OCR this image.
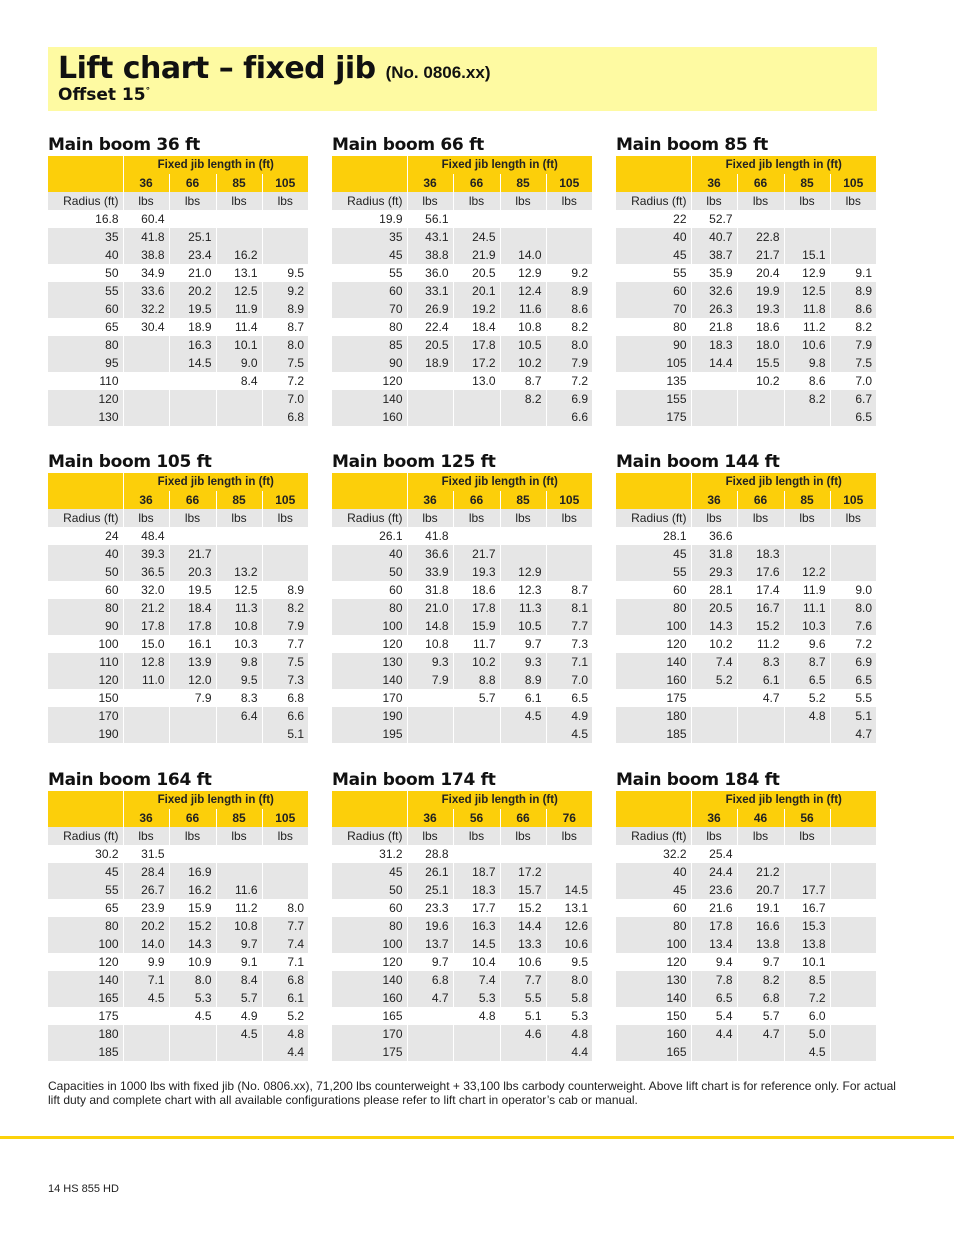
Lift chart – fixed jib (No. 0806.xx)
Offset 15°
Main boom 36 ft
	Fixed jib length in (ft)			
	36	66	85	105
Radius (ft)	lbs	lbs	lbs	lbs
16.8	60.4			
35	41.8	25.1		
40	38.8	23.4	16.2	
50	34.9	21.0	13.1	9.5
55	33.6	20.2	12.5	9.2
60	32.2	19.5	11.9	8.9
65	30.4	18.9	11.4	8.7
80		16.3	10.1	8.0
95		14.5	9.0	7.5
110			8.4	7.2
120				7.0
130				6.8
Main boom 66 ft
	Fixed jib length in (ft)			
	36	66	85	105
Radius (ft)	lbs	lbs	lbs	lbs
19.9	56.1			
35	43.1	24.5		
45	38.8	21.9	14.0	
55	36.0	20.5	12.9	9.2
60	33.1	20.1	12.4	8.9
70	26.9	19.2	11.6	8.6
80	22.4	18.4	10.8	8.2
85	20.5	17.8	10.5	8.0
90	18.9	17.2	10.2	7.9
120		13.0	8.7	7.2
140			8.2	6.9
160				6.6
Main boom 85 ft
	Fixed jib length in (ft)			
	36	66	85	105
Radius (ft)	lbs	lbs	lbs	lbs
22	52.7			
40	40.7	22.8		
45	38.7	21.7	15.1	
55	35.9	20.4	12.9	9.1
60	32.6	19.9	12.5	8.9
70	26.3	19.3	11.8	8.6
80	21.8	18.6	11.2	8.2
90	18.3	18.0	10.6	7.9
105	14.4	15.5	9.8	7.5
135		10.2	8.6	7.0
155			8.2	6.7
175				6.5
Main boom 105 ft
	Fixed jib length in (ft)			
	36	66	85	105
Radius (ft)	lbs	lbs	lbs	lbs
24	48.4			
40	39.3	21.7		
50	36.5	20.3	13.2	
60	32.0	19.5	12.5	8.9
80	21.2	18.4	11.3	8.2
90	17.8	17.8	10.8	7.9
100	15.0	16.1	10.3	7.7
110	12.8	13.9	9.8	7.5
120	11.0	12.0	9.5	7.3
150		7.9	8.3	6.8
170			6.4	6.6
190				5.1
Main boom 125 ft
	Fixed jib length in (ft)			
	36	66	85	105
Radius (ft)	lbs	lbs	lbs	lbs
26.1	41.8			
40	36.6	21.7		
50	33.9	19.3	12.9	
60	31.8	18.6	12.3	8.7
80	21.0	17.8	11.3	8.1
100	14.8	15.9	10.5	7.7
120	10.8	11.7	9.7	7.3
130	9.3	10.2	9.3	7.1
140	7.9	8.8	8.9	7.0
170		5.7	6.1	6.5
190			4.5	4.9
195				4.5
Main boom 144 ft
	Fixed jib length in (ft)			
	36	66	85	105
Radius (ft)	lbs	lbs	lbs	lbs
28.1	36.6			
45	31.8	18.3		
55	29.3	17.6	12.2	
60	28.1	17.4	11.9	9.0
80	20.5	16.7	11.1	8.0
100	14.3	15.2	10.3	7.6
120	10.2	11.2	9.6	7.2
140	7.4	8.3	8.7	6.9
160	5.2	6.1	6.5	6.5
175		4.7	5.2	5.5
180			4.8	5.1
185				4.7
Main boom 164 ft
	Fixed jib length in (ft)			
	36	66	85	105
Radius (ft)	lbs	lbs	lbs	lbs
30.2	31.5			
45	28.4	16.9		
55	26.7	16.2	11.6	
65	23.9	15.9	11.2	8.0
80	20.2	15.2	10.8	7.7
100	14.0	14.3	9.7	7.4
120	9.9	10.9	9.1	7.1
140	7.1	8.0	8.4	6.8
165	4.5	5.3	5.7	6.1
175		4.5	4.9	5.2
180			4.5	4.8
185				4.4
Main boom 174 ft
	Fixed jib length in (ft)			
	36	56	66	76
Radius (ft)	lbs	lbs	lbs	lbs
31.2	28.8			
45	26.1	18.7	17.2	
50	25.1	18.3	15.7	14.5
60	23.3	17.7	15.2	13.1
80	19.6	16.3	14.4	12.6
100	13.7	14.5	13.3	10.6
120	9.7	10.4	10.6	9.5
140	6.8	7.4	7.7	8.0
160	4.7	5.3	5.5	5.8
165		4.8	5.1	5.3
170			4.6	4.8
175				4.4
Main boom 184 ft
	Fixed jib length in (ft)			
	36	46	56	
Radius (ft)	lbs	lbs	lbs	
32.2	25.4			
40	24.4	21.2		
45	23.6	20.7	17.7	
60	21.6	19.1	16.7	
80	17.8	16.6	15.3	
100	13.4	13.8	13.8	
120	9.4	9.7	10.1	
130	7.8	8.2	8.5	
140	6.5	6.8	7.2	
150	5.4	5.7	6.0	
160	4.4	4.7	5.0	
165			4.5	
Capacities in 1000 lbs with fixed jib (No. 0806.xx), 71,200 lbs counterweight + 33,100 lbs carbody counterweight. Above lift chart is for reference only. For actual lift duty and complete chart with all available configurations please refer to lift chart in operator’s cab or manual.
14 HS 855 HD
